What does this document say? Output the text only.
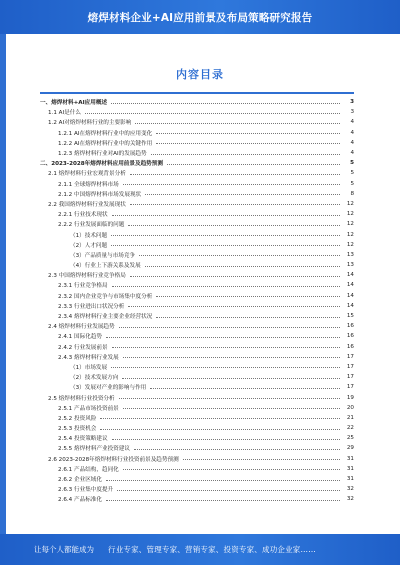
熔焊材料企业+AI应用前景及布局策略研究报告
内容目录
一、熔焊材料+AI应用概述	3
1.1 AI是什么	3
1.2 AI对熔焊材料行业的主要影响	4
1.2.1 AI在熔焊材料行业中的应用变化	4
1.2.2 AI在熔焊材料行业中的关键作用	4
1.2.3 熔焊材料行业对AI的发展趋势	4
二、2023-2028年熔焊材料应用前景及趋势预测	5
2.1 熔焊材料行业宏观背景分析	5
2.1.1 全球熔焊材料市场	5
2.1.2 中国熔焊材料市场发展现状	8
2.2 我国熔焊材料行业发展现状	12
2.2.1 行业技术现状	12
2.2.2 行业发展面临的问题	12
（1）技术问题	12
（2）人才问题	12
（3）产品质量与市场竞争	13
（4）行业上下游关系及发展	13
2.3 中国熔焊材料行业竞争格局	14
2.3.1 行业竞争格局	14
2.3.2 国内企业竞争与市场集中度分析	14
2.3.3 行业进出口状况分析	14
2.3.4 熔焊材料行业主要企业经营状况	15
2.4 熔焊材料行业发展趋势	16
2.4.1 国际化趋势	16
2.4.2 行业发展前景	16
2.4.3 熔焊材料行业发展	17
（1）市场发展	17
（2）技术发展方向	17
（3）发展对产业的影响与作用	17
2.5 熔焊材料行业投资分析	19
2.5.1 产品市场投资前景	20
2.5.2 投资风险	21
2.5.3 投资机会	22
2.5.4 投资策略建议	25
2.5.5 熔焊材料产业投资建议	29
2.6 2023-2028年熔焊材料行业投资前景及趋势预测	31
2.6.1 产品结构，趋同化	31
2.6.2 企业区域化	31
2.6.3 行业集中度提升	32
2.6.4 产品标准化	32
让每个人都能成为	行业专家、管理专家、营销专家、投资专家、成功企业家……
